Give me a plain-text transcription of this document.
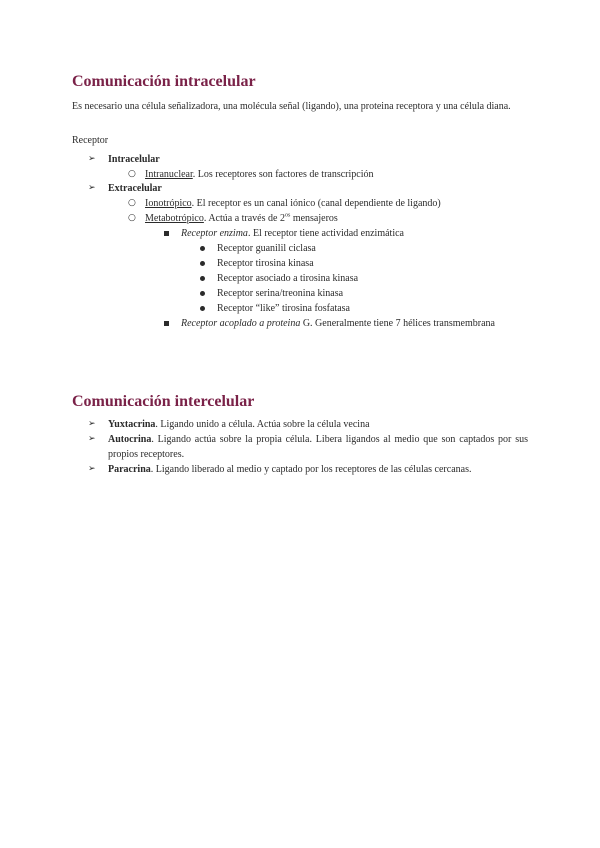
Comunicación intracelular
Es necesario una célula señalizadora, una molécula señal (ligando), una proteina receptora y una célula diana.
Receptor
➢ Intracelular
○ Intranuclear. Los receptores son factores de transcripción
➢ Extracelular
○ Ionotrópico. El receptor es un canal iónico (canal dependiente de ligando)
○ Metabotrópico. Actúa a través de $2^{os}$ mensajeros
Receptor enzima. El receptor tiene actividad enzimática
Receptor guanilil ciclasa
Receptor tirosina kinasa
Receptor asociado a tirosina kinasa
Receptor serina/treonina kinasa
Receptor “like” tirosina fosfatasa
Receptor acoplado a proteina G. Generalmente tiene 7 hélices transmembrana
Comunicación intercelular
➢ Yuxtacrina. Ligando unido a célula. Actúa sobre la célula vecina
➢ Autocrina. Ligando actúa sobre la propia célula. Libera ligandos al medio que son captados por sus propios receptores.
➢ Paracrina. Ligando liberado al medio y captado por los receptores de las células cercanas.
